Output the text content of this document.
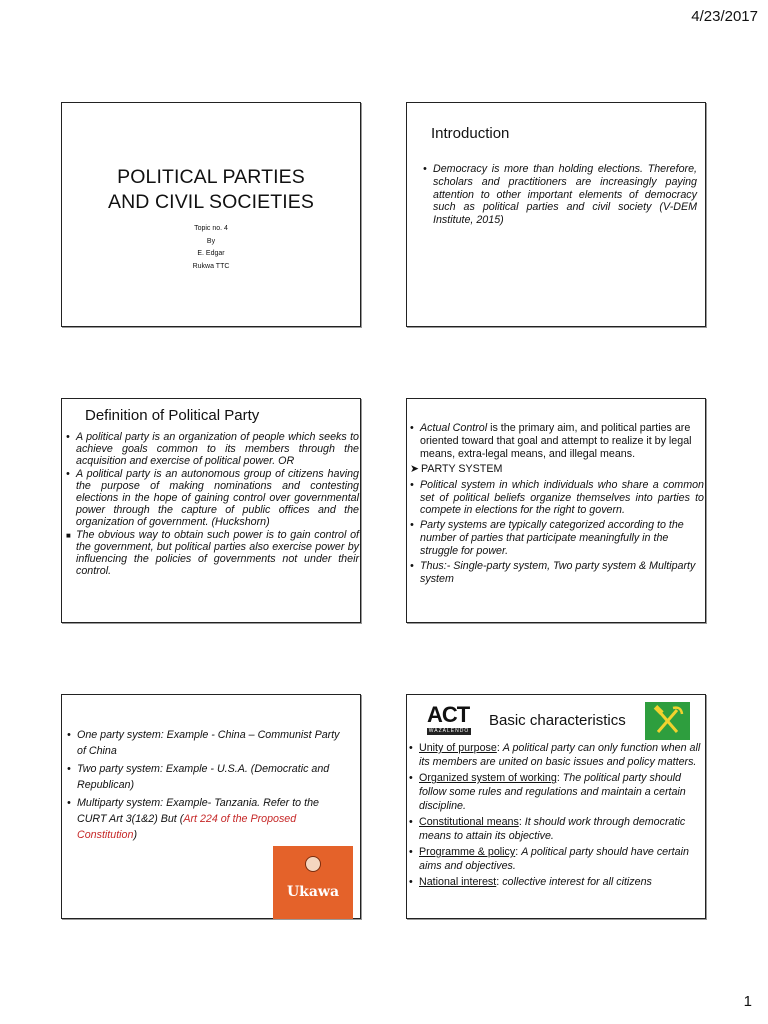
4/23/2017
POLITICAL PARTIES
AND CIVIL SOCIETIES
Topic no. 4
By
E. Edgar
Rukwa TTC
Introduction
• Democracy is more than holding elections. Therefore, scholars and practitioners are increasingly paying attention to other important elements of democracy such as political parties and civil society (V-DEM Institute, 2015)
Definition of Political Party
• A political party is an organization of people which seeks to achieve goals common to its members through the acquisition and exercise of political power. OR
• A political party is an autonomous group of citizens having the purpose of making nominations and contesting elections in the hope of gaining control over governmental power through the capture of public offices and the organization of government. (Huckshorn)
■ The obvious way to obtain such power is to gain control of the government, but political parties also exercise power by influencing the policies of governments not under their control.
• Actual Control is the primary aim, and political parties are oriented toward that goal and attempt to realize it by legal means, extra-legal means, and illegal means.
➤ PARTY SYSTEM
• Political system in which individuals who share a common set of political beliefs organize themselves into parties to compete in elections for the right to govern.
• Party systems are typically categorized according to the number of parties that participate meaningfully in the struggle for power.
• Thus:- Single-party system, Two party system & Multiparty system
• One party system: Example - China – Communist Party of China
• Two party system: Example - U.S.A. (Democratic and Republican)
• Multiparty system: Example- Tanzania. Refer to the CURT Art 3(1&2) But (Art 224 of the Proposed Constitution)
Ukawa
ACT
WAZALENDO
Basic characteristics
• Unity of purpose: A political party can only function when all its members are united on basic issues and policy matters.
• Organized system of working: The political party should follow some rules and regulations and maintain a certain discipline.
• Constitutional means: It should work through democratic means to attain its objective.
• Programme & policy: A political party should have certain aims and objectives.
• National interest: collective interest for all citizens
1
